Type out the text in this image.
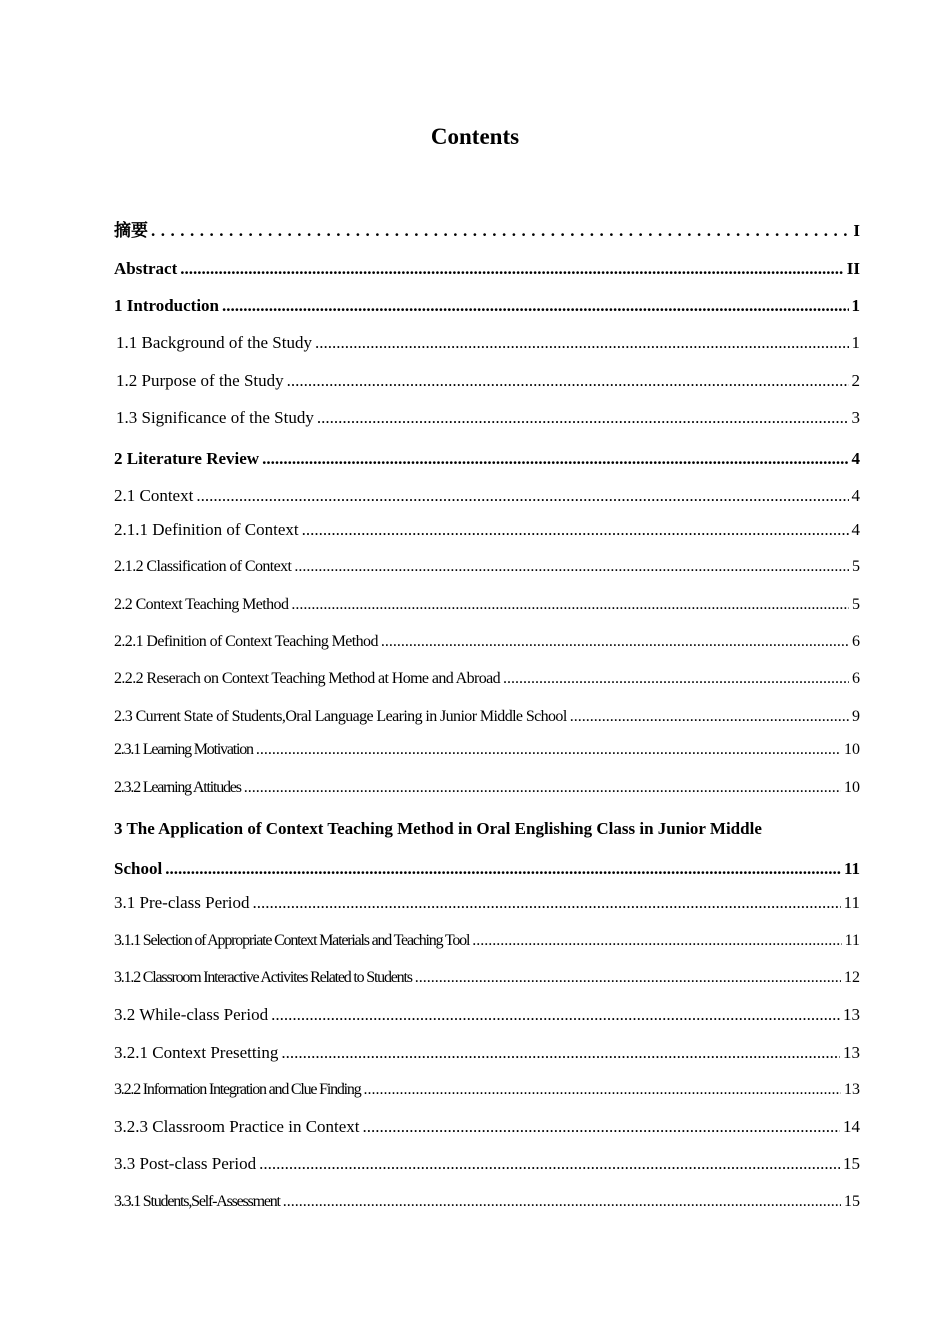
Contents
摘要 .....	I
Abstract .....	II
1 Introduction .....	1
1.1 Background of the Study .....	1
1.2 Purpose of the Study .....	2
1.3 Significance of the Study .....	3
2 Literature Review .....	4
2.1 Context .....	4
2.1.1 Definition of Context .....	4
2.1.2 Classification of Context .....	5
2.2 Context Teaching Method .....	5
2.2.1 Definition of Context Teaching Method .....	6
2.2.2 Reserach on Context Teaching Method at Home and Abroad .....	6
2.3 Current State of Students,Oral Language Learing in Junior Middle School .....	9
2.3.1 Learning Motivation .....	10
2.3.2 Learning Attitudes .....	10
3 The Application of Context Teaching Method in Oral Englishing Class in Junior Middle
School .....	11
3.1 Pre-class Period .....	11
3.1.1 Selection of Appropriate Context Materials and Teaching Tool .....	11
3.1.2 Classroom Interactive Activites Related to Students .....	12
3.2 While-class Period .....	13
3.2.1 Context Presetting .....	13
3.2.2 Information Integration and Clue Finding .....	13
3.2.3 Classroom Practice in Context .....	14
3.3 Post-class Period .....	15
3.3.1 Students,Self-Assessment .....	15
